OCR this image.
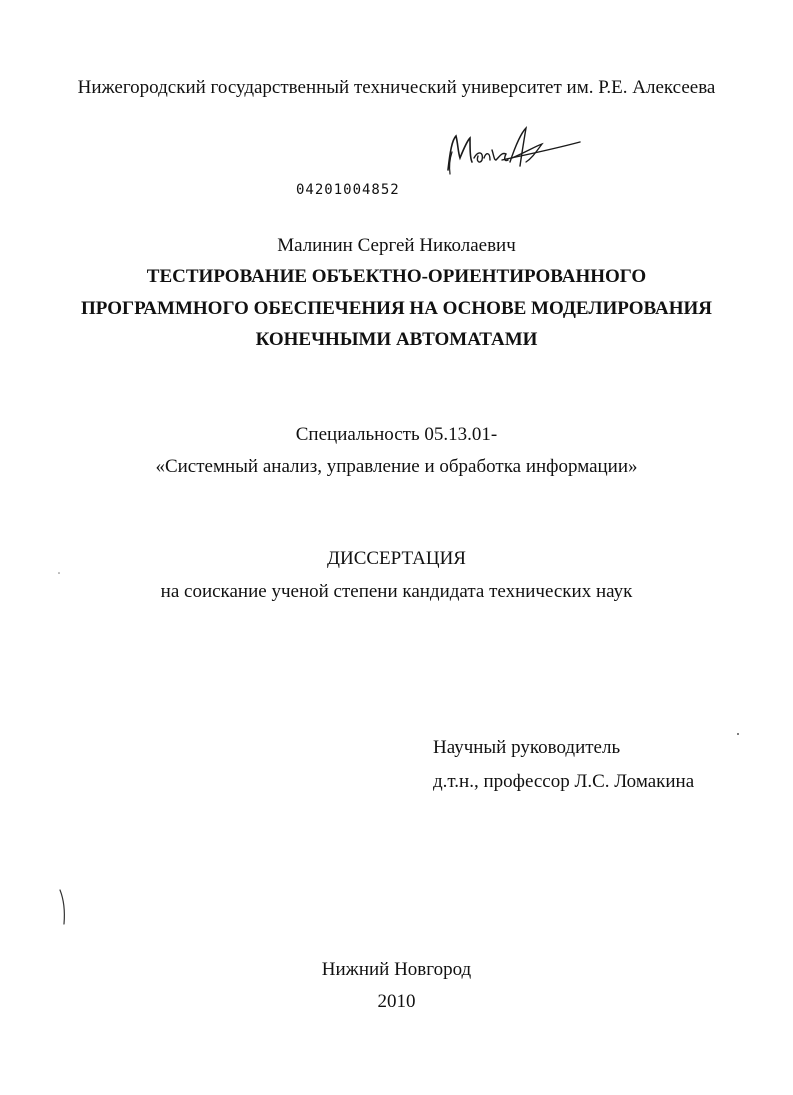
Нижегородский государственный технический университет им. Р.Е. Алексеева
04201004852
Малинин Сергей Николаевич
ТЕСТИРОВАНИЕ ОБЪЕКТНО-ОРИЕНТИРОВАННОГО
ПРОГРАММНОГО ОБЕСПЕЧЕНИЯ НА ОСНОВЕ МОДЕЛИРОВАНИЯ
КОНЕЧНЫМИ АВТОМАТАМИ
Специальность 05.13.01-
«Системный анализ, управление и обработка информации»
ДИССЕРТАЦИЯ
на соискание ученой степени кандидата технических наук
Научный руководитель
д.т.н., профессор Л.С. Ломакина
Нижний Новгород
2010
